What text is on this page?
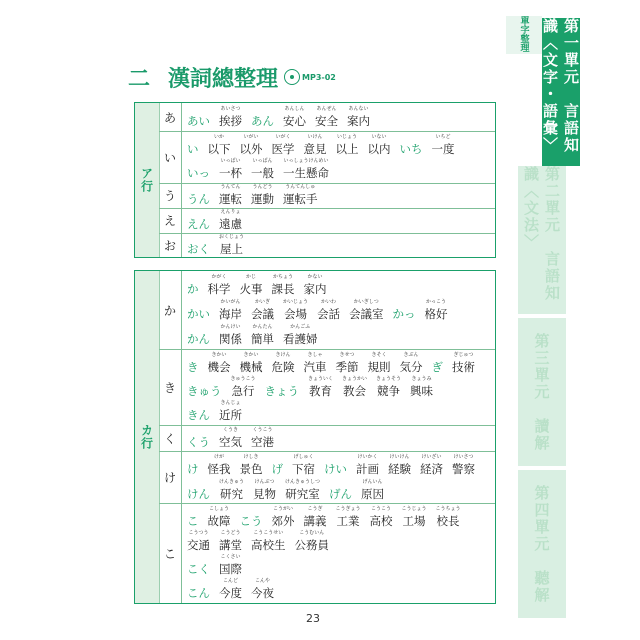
二 漢詞總整理	MP3-02
ア行
あ あい
あいさつ
挨拶 あん
あんしん
安心
あんぜん
安全
あんない
案内
い
い
いか
以下
いがい
以外
いがく
医学
いけん
意見
いじょう
以上
いない
以内 いち
いちど
一度
いっ
いっぱい
一杯
いっぱん
一般
いっしょうけんめい
一生懸命
う うん
うんてん
運転
うんどう
運動
うんてんしゅ
運転手
え えん
えんりょ
遠慮
お おく
おくじょう
屋上
カ行
か
か
かがく
科学
かじ
火事
かちょう
課長
かない
家内
かい
かいがん
海岸
かいぎ
会議
かいじょう
会場
かいわ
会話
かいぎしつ
会議室 かっ
かっこう
格好
かん
かんけい
関係
かんたん
簡単
かんごふ
看護婦
き
き
きかい
機会
きかい
機械
きけん
危険
きしゃ
汽車
きせつ
季節
きそく
規則
きぶん
気分 ぎ
ぎじゅつ
技術
きゅう
きゅうこう
急行 きょう
きょういく
教育
きょうかい
教会
きょうそう
競争
きょうみ
興味
きん
きんじょ
近所
く くう
くうき
空気
くうこう
空港
け
け
けが
怪我
けしき
景色 げ
げしゅく
下宿 けい
けいかく
計画
けいけん
経験
けいざい
経済
けいさつ
警察
けん
けんきゅう
研究
けんぶつ
見物
けんきゅうしつ
研究室 げん
げんいん
原因
こ
こ
こしょう
故障 こう
こうがい
郊外
こうぎ
講義
こうぎょう
工業
こうこう
高校
こうじょう
工場
こうちょう
校長
こうつう
交通
こうどう
講堂
こうこうせい
高校生
こうむいん
公務員
こく
こくさい
国際
こん
こんど
今度
こんや
今夜
單字整理	第一單元　言語知識〈文字・語彙〉
第二單元　言語知識〈文法〉
第三單元　讀解
第四單元　聽解
23
